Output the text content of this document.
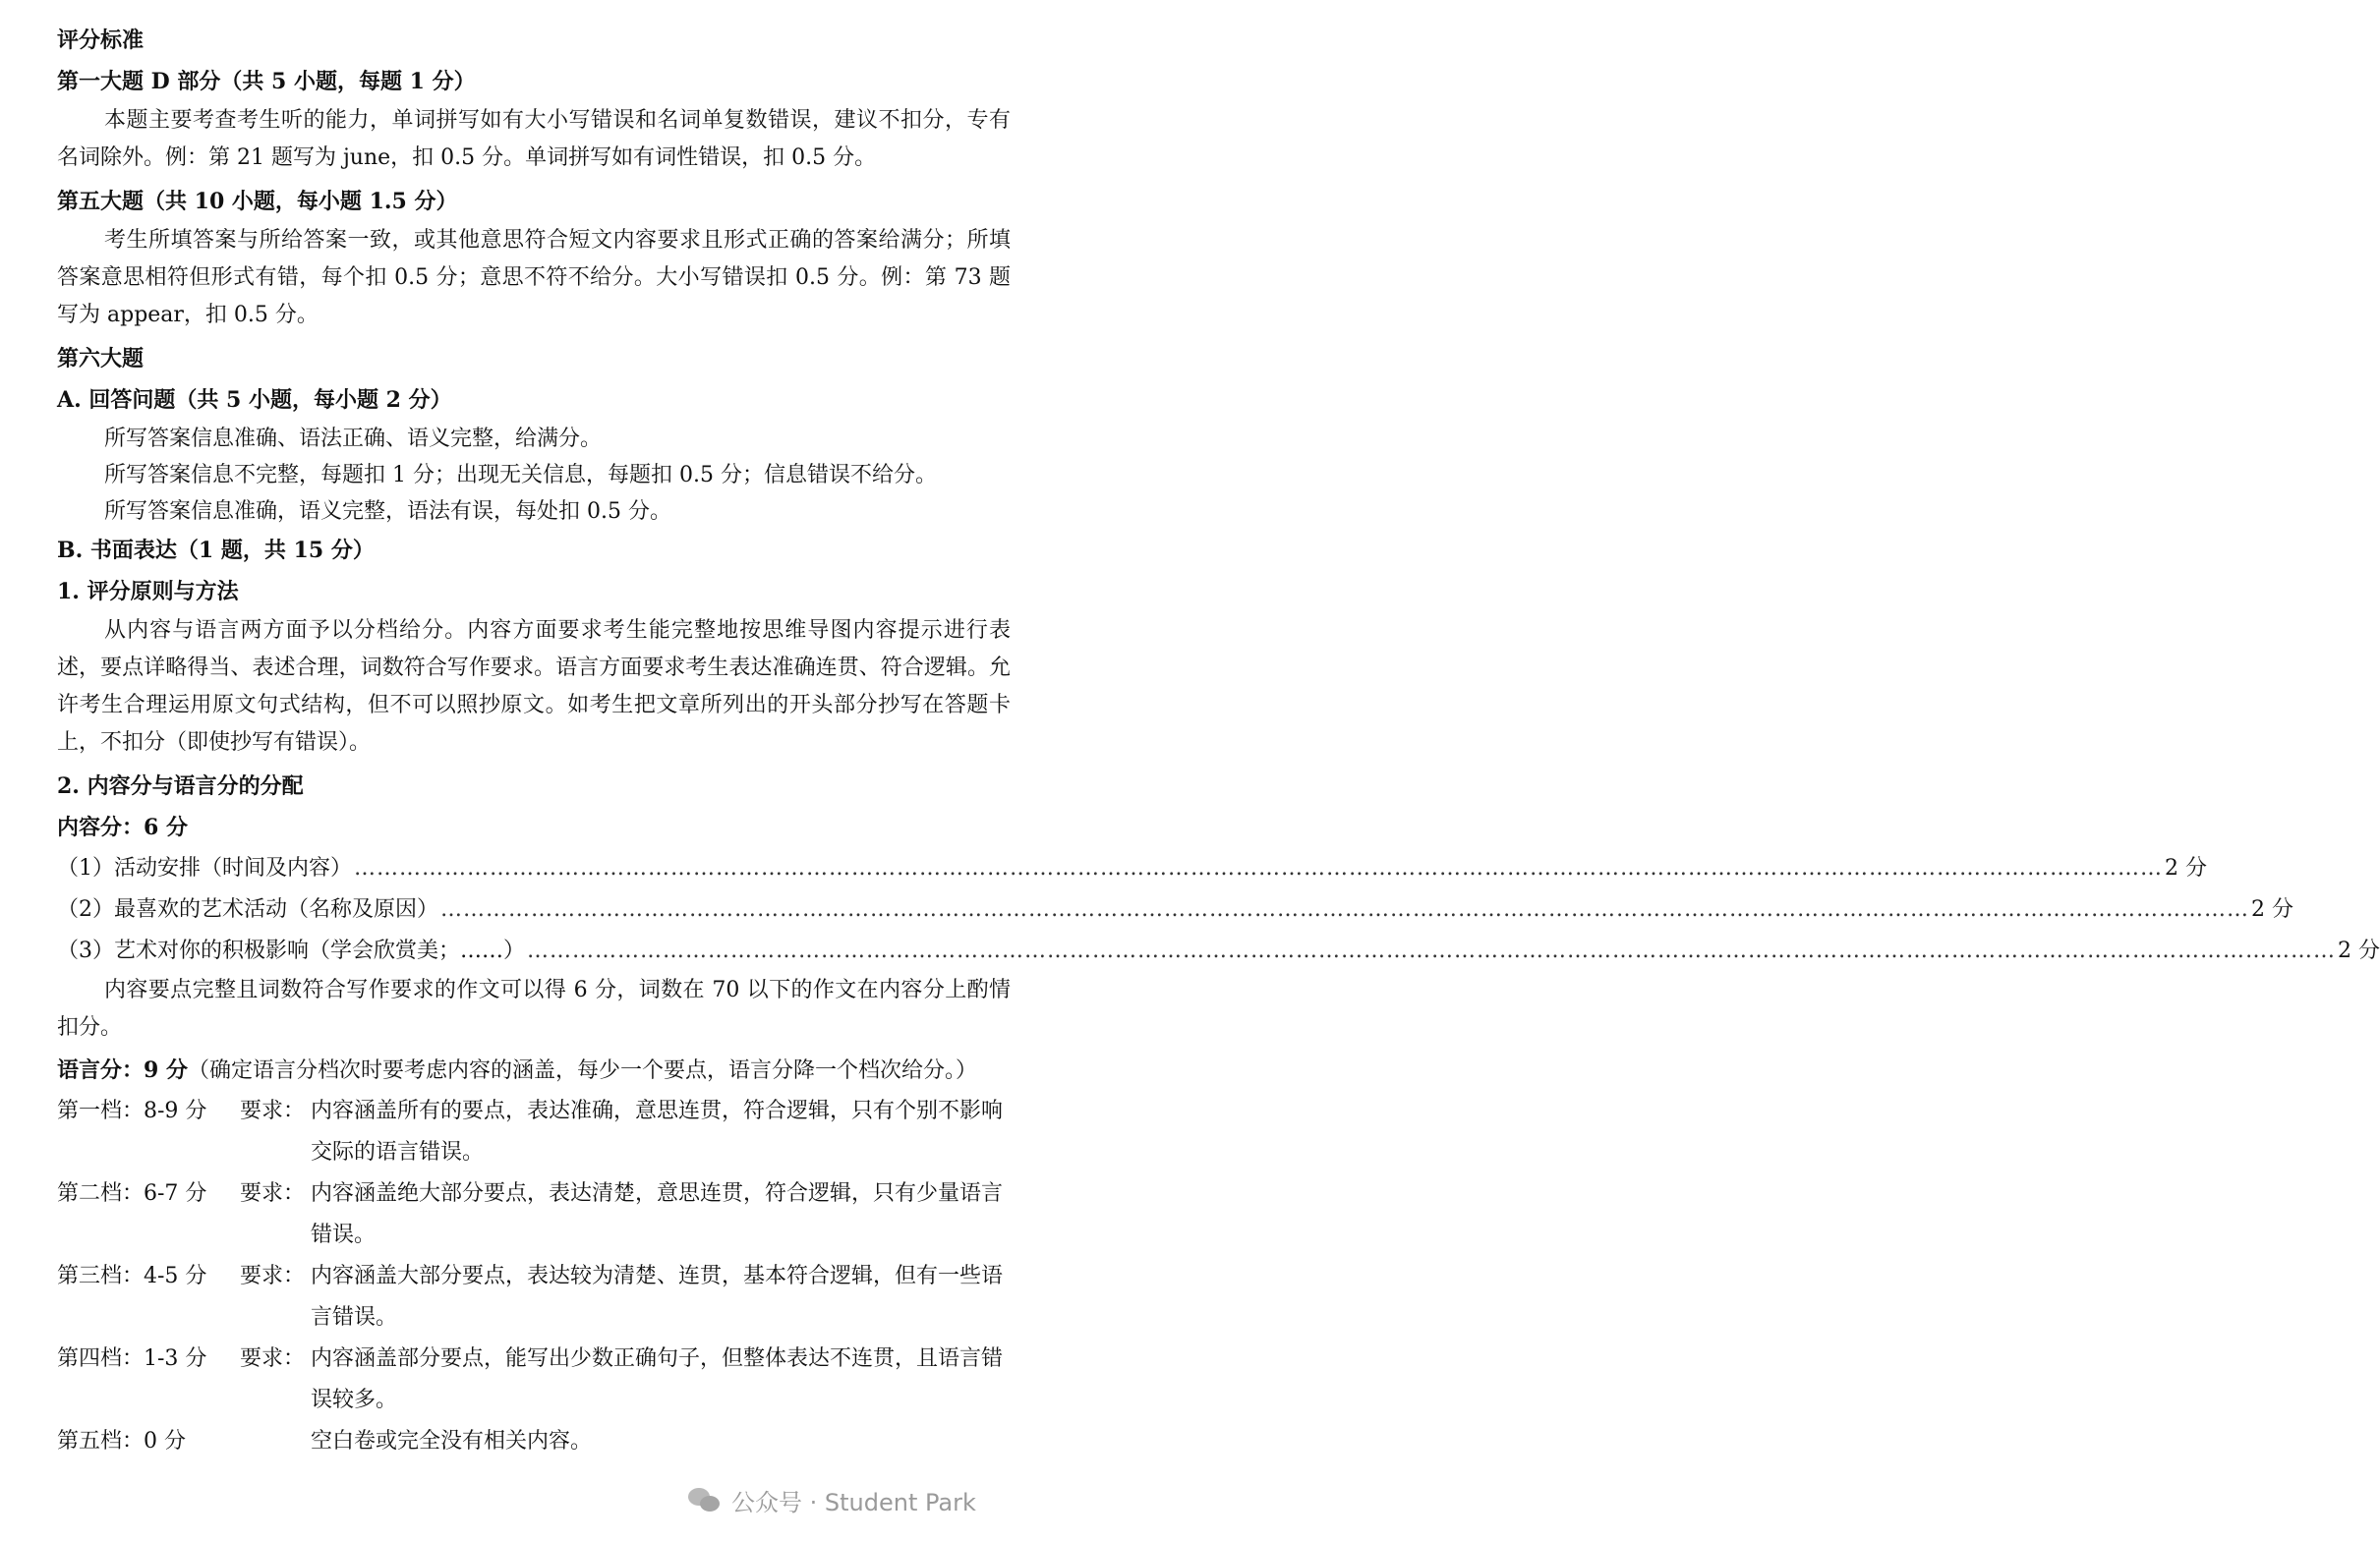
评分标准
第一大题 D 部分（共 5 小题，每题 1 分）

本题主要考查考生听的能力，单词拼写如有大小写错误和名词单复数错误，建议不扣分，专有名词除外。例：第 21 题写为 june，扣 0.5 分。单词拼写如有词性错误，扣 0.5 分。

第五大题（共 10 小题，每小题 1.5 分）

考生所填答案与所给答案一致，或其他意思符合短文内容要求且形式正确的答案给满分；所填答案意思相符但形式有错，每个扣 0.5 分；意思不符不给分。大小写错误扣 0.5 分。例：第 73 题写为 appear，扣 0.5 分。

第六大题
A. 回答问题（共 5 小题，每小题 2 分）
所写答案信息准确、语法正确、语义完整，给满分。
所写答案信息不完整，每题扣 1 分；出现无关信息，每题扣 0.5 分；信息错误不给分。
所写答案信息准确，语义完整，语法有误，每处扣 0.5 分。
B. 书面表达（1 题，共 15 分）
1. 评分原则与方法

从内容与语言两方面予以分档给分。内容方面要求考生能完整地按思维导图内容提示进行表述，要点详略得当、表述合理，词数符合写作要求。语言方面要求考生表达准确连贯、符合逻辑。允许考生合理运用原文句式结构，但不可以照抄原文。如考生把文章所列出的开头部分抄写在答题卡上，不扣分（即使抄写有错误）。

2. 内容分与语言分的分配
内容分：6 分
（1）活动安排（时间及内容） …………………………………………………………………………………………………………………………………………………………………………………………………………………… 2 分
（2）最喜欢的艺术活动（名称及原因） …………………………………………………………………………………………………………………………………………………………………………………………………………………… 2 分
（3）艺术对你的积极影响（学会欣赏美；……） …………………………………………………………………………………………………………………………………………………………………………………………………………………… 2 分

内容要点完整且词数符合写作要求的作文可以得 6 分，词数在 70 以下的作文在内容分上酌情扣分。

语言分：9 分（确定语言分档次时要考虑内容的涵盖，每少一个要点，语言分降一个档次给分。）
第一档：8-9 分	要求： 内容涵盖所有的要点，表达准确，意思连贯，符合逻辑，只有个别不影响交际的语言错误。
第二档：6-7 分	要求： 内容涵盖绝大部分要点，表达清楚，意思连贯，符合逻辑，只有少量语言错误。
第三档：4-5 分	要求： 内容涵盖大部分要点，表达较为清楚、连贯，基本符合逻辑，但有一些语言错误。
第四档：1-3 分	要求： 内容涵盖部分要点，能写出少数正确句子，但整体表达不连贯，且语言错误较多。
第五档：0 分	空白卷或完全没有相关内容。
公众号 · Student Park
